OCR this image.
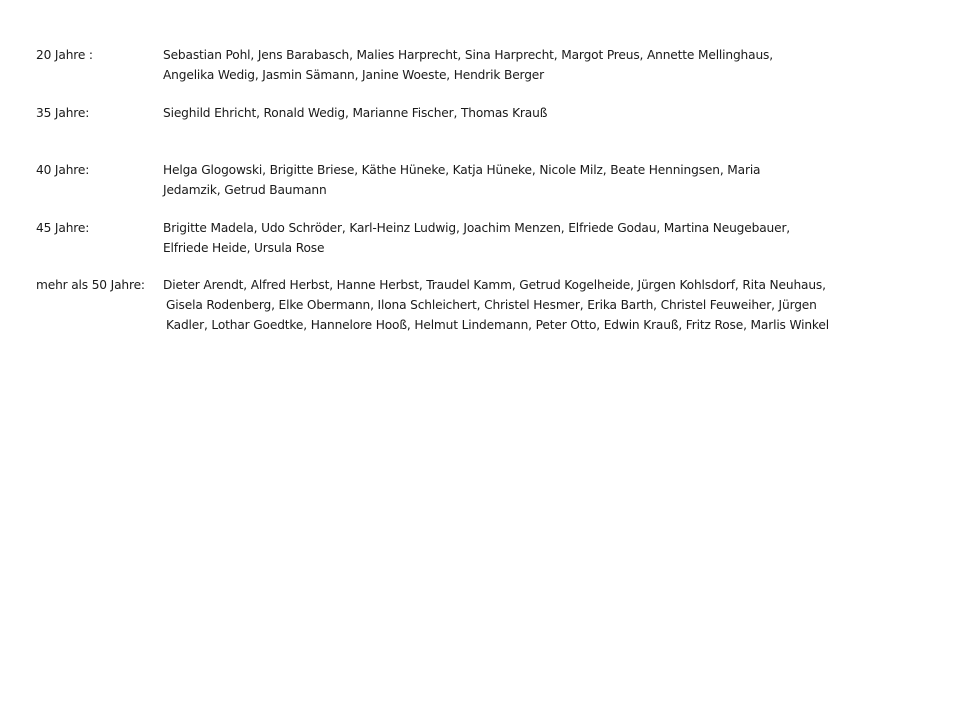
20 Jahre :	Sebastian Pohl, Jens Barabasch, Malies Harprecht, Sina Harprecht, Margot Preus, Annette Mellinghaus,
Angelika Wedig, Jasmin Sämann, Janine Woeste, Hendrik Berger
35 Jahre:	Sieghild Ehricht, Ronald Wedig, Marianne Fischer, Thomas Krauß
40 Jahre:	Helga Glogowski, Brigitte Briese, Käthe Hüneke, Katja Hüneke, Nicole Milz, Beate Henningsen, Maria
Jedamzik, Getrud Baumann
45 Jahre:	Brigitte Madela, Udo Schröder, Karl-Heinz Ludwig, Joachim Menzen, Elfriede Godau, Martina Neugebauer,
Elfriede Heide, Ursula Rose
mehr als 50 Jahre: Dieter Arendt, Alfred Herbst, Hanne Herbst, Traudel Kamm, Getrud Kogelheide, Jürgen Kohlsdorf, Rita Neuhaus,
Gisela Rodenberg, Elke Obermann, Ilona Schleichert, Christel Hesmer, Erika Barth, Christel Feuweiher, Jürgen
Kadler, Lothar Goedtke, Hannelore Hooß, Helmut Lindemann, Peter Otto, Edwin Krauß, Fritz Rose, Marlis Winkel
